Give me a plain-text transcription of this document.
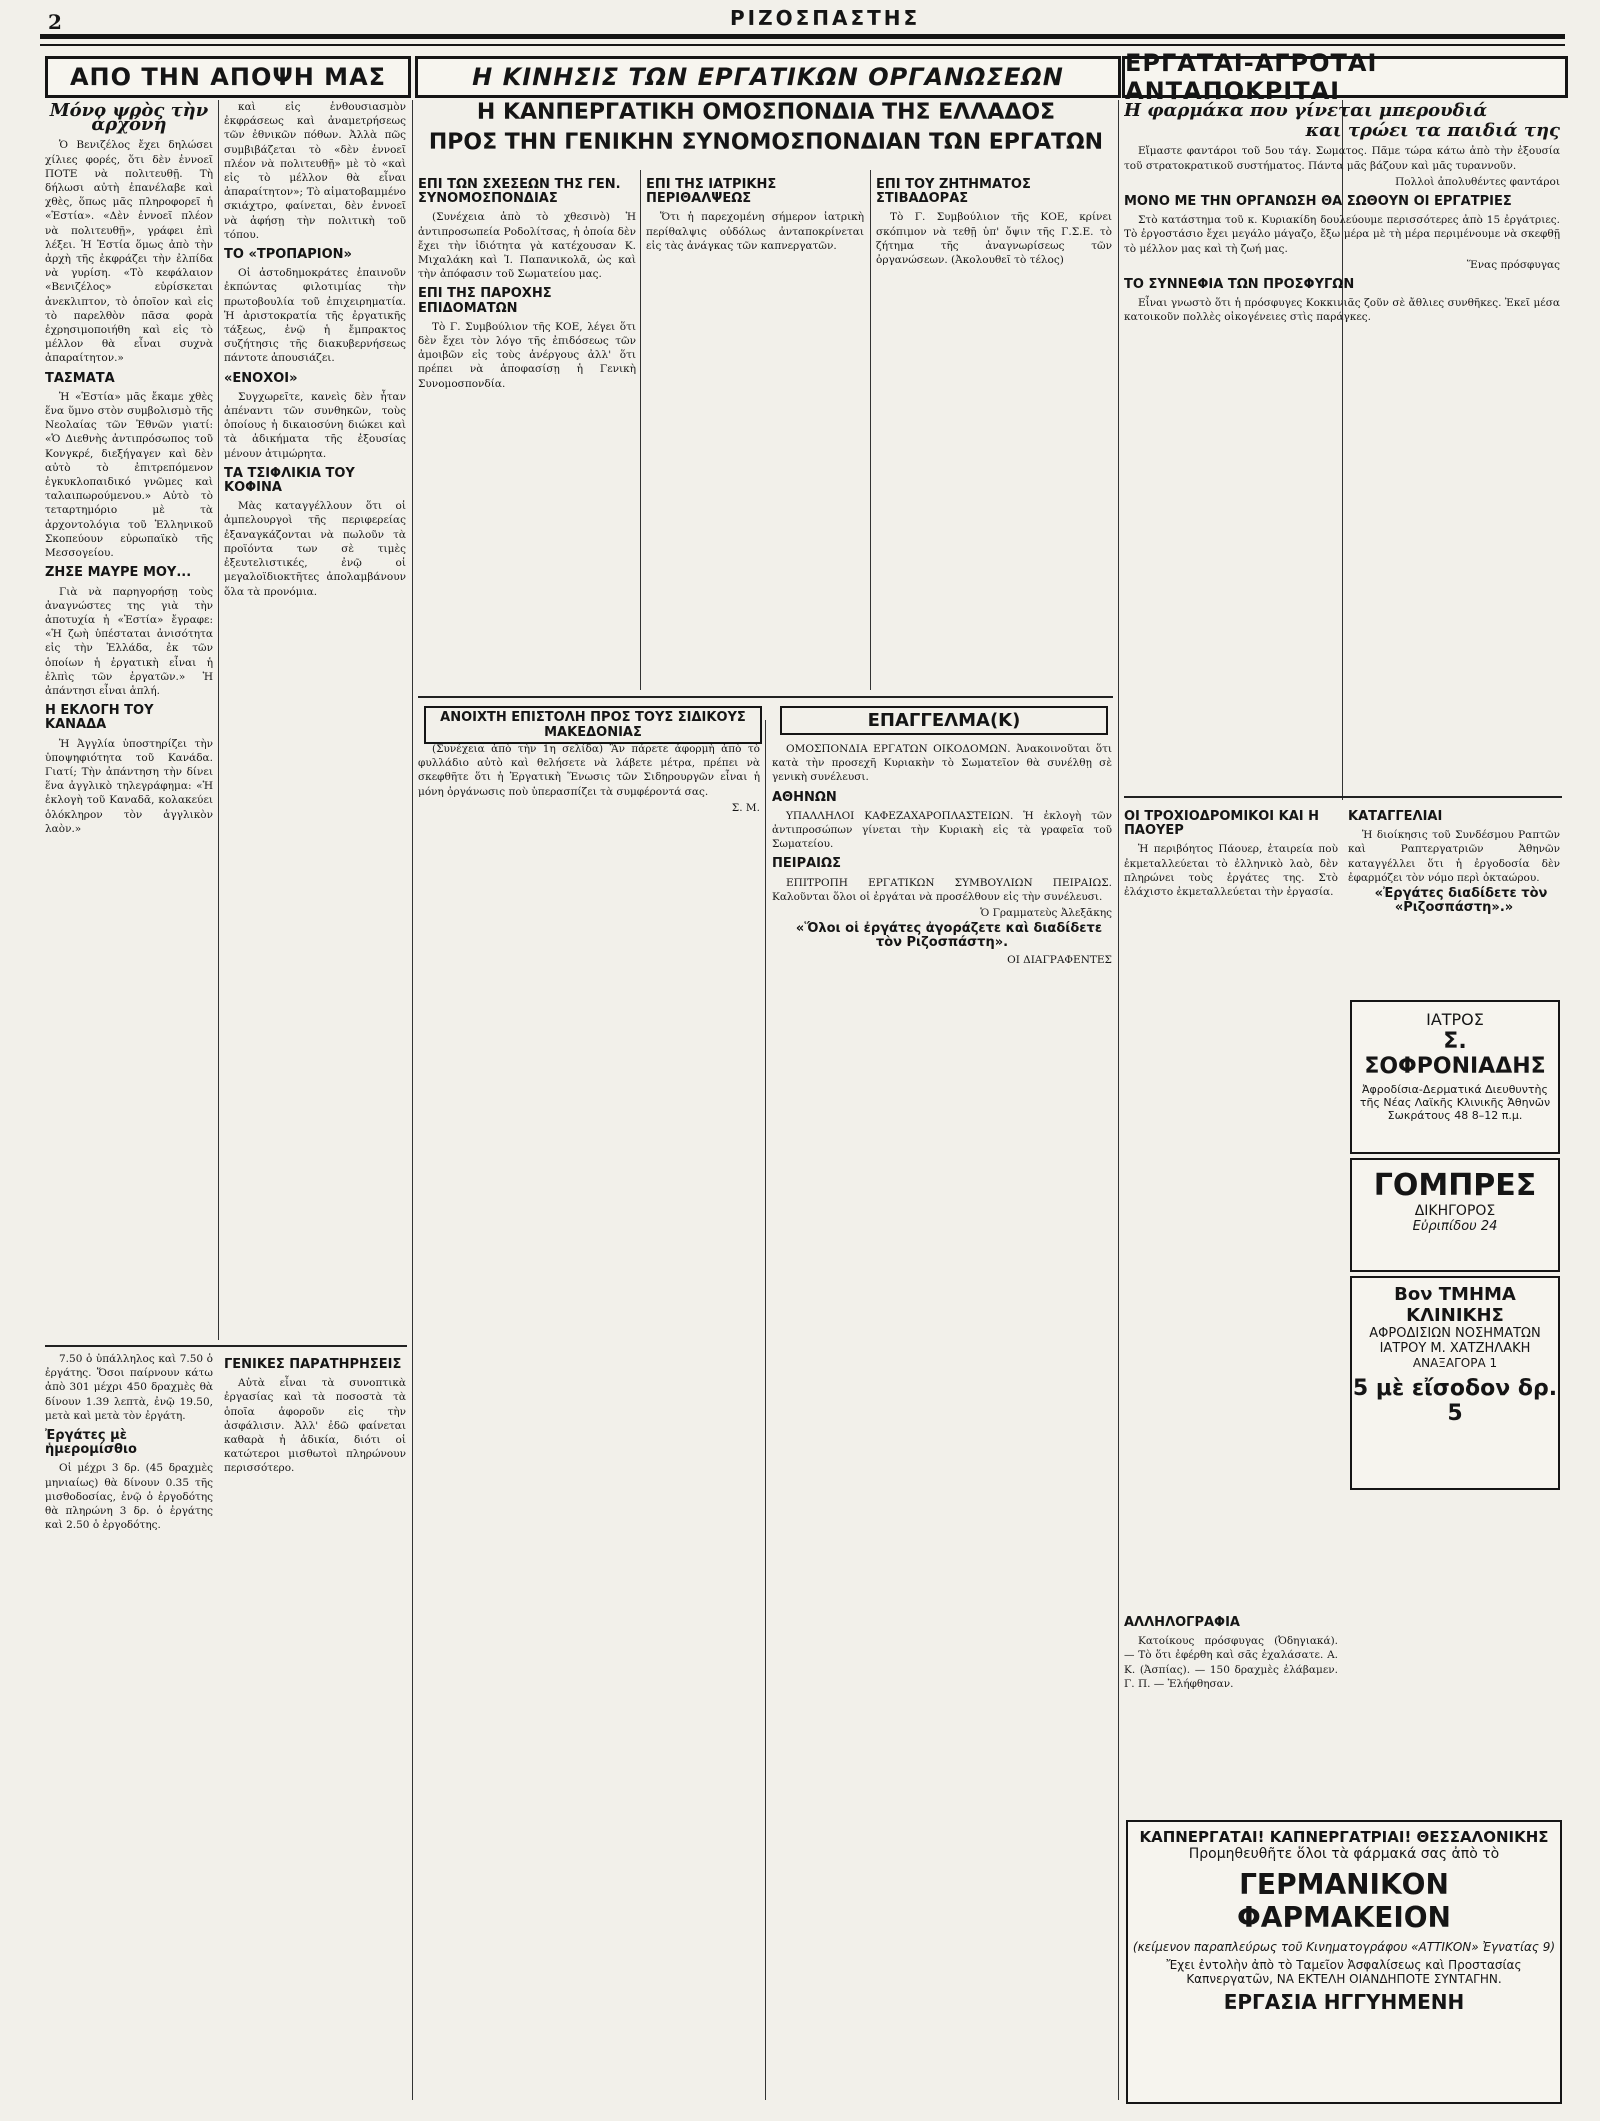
2	ΡΙΖΟΣΠΑΣΤΗΣ
ΑΠΟ ΤΗΝ ΑΠΟΨΗ ΜΑΣ	Η ΚΙΝΗΣΙΣ ΤΩΝ ΕΡΓΑΤΙΚΩΝ ΟΡΓΑΝΩΣΕΩΝ	ΕΡΓΑΤΑΙ-ΑΓΡΟΤΑΙ ΑΝΤΑΠΟΚΡΙΤΑΙ
Μόνο ψρὸς τὴν ἀρχόνη

Ὁ Βενιζέλος ἔχει δηλώσει χίλιες φορές, ὅτι δὲν ἐννοεῖ ΠΟΤΕ νὰ πολιτευθῇ. Τὴ δήλωσι αὐτὴ ἐπανέλαβε καὶ χθὲς, ὅπως μᾶς πληροφορεῖ ἡ «Ἑστία». «Δὲν ἐννοεῖ πλέον νὰ πολιτευθῇ», γράφει ἐπὶ λέξει. Ἡ Ἑστία ὅμως ἀπὸ τὴν ἀρχὴ τῆς ἐκφράζει τὴν ἐλπίδα νὰ γυρίση. «Τὸ κεφάλαιον «Βενιζέλος» εὑρίσκεται ἀνεκλιπτον, τὸ ὁποῖον καὶ εἰς τὸ παρελθὸν πᾶσα φορὰ ἐχρησιμοποιήθη καὶ εἰς τὸ μέλλον θὰ εἶναι συχνὰ ἀπαραίτητον.»

ΤΑΣΜΑΤΑ

Ἡ «Ἑστία» μᾶς ἔκαμε χθὲς ἕνα ὕμνο στὸν συμβολισμὸ τῆς Νεολαίας τῶν Ἐθνῶν γιατί: «Ὁ Διεθνὴς ἀντιπρόσωπος τοῦ Κονγκρέ, διεξήγαγεν καὶ δὲν αὐτὸ τὸ ἐπιτρεπόμενον ἐγκυκλοπαιδικό γνῶμες καὶ ταλαιπωρούμενου.» Αὐτὸ τὸ τεταρτημόριο μὲ τὰ ἀρχοντολόγια τοῦ Ἑλληνικοῦ Σκοπεύουν εὐρωπαϊκὸ τῆς Μεσσογείου.

ΖΗΣΕ ΜΑΥΡΕ ΜΟΥ...

Γιὰ νὰ παρηγορήσῃ τοὺς ἀναγνώστες της γιὰ τὴν ἀποτυχία ἡ «Ἑστία» ἔγραφε: «Ἡ ζωὴ ὑπέσταται ἀνισότητα εἰς τὴν Ἑλλάδα, ἐκ τῶν ὁποίων ἡ ἐργατικὴ εἶναι ἡ ἐλπὶς τῶν ἐργατῶν.» Ἡ ἀπάντησι εἶναι ἁπλή.

Η ΕΚΛΟΓΗ ΤΟΥ ΚΑΝΑΔΑ

Ἡ Ἀγγλία ὑποστηρίζει τὴν ὑποψηφιότητα τοῦ Κανάδα. Γιατί; Τὴν ἀπάντηση τὴν δίνει ἕνα ἀγγλικὸ τηλεγράφημα: «Ἡ ἐκλογὴ τοῦ Καναδᾶ, κολακεύει ὁλόκληρον τὸν ἀγγλικὸν λαὸν.»

καὶ εἰς ἐνθουσιασμὸν ἐκφράσεως καὶ ἀναμετρήσεως τῶν ἐθνικῶν πόθων. Ἀλλὰ πῶς συμβιβάζεται τὸ «δὲν ἐννοεῖ πλέον νὰ πολιτευθῇ» μὲ τὸ «καὶ εἰς τὸ μέλλον θὰ εἶναι ἀπαραίτητον»; Τὸ αἰματοβαμμένο σκιάχτρο, φαίνεται, δὲν ἐννοεῖ νὰ ἀφήσῃ τὴν πολιτικὴ τοῦ τόπου.

ΤΟ «ΤΡΟΠΑΡΙΟΝ»

Οἱ ἀστοδημοκράτες ἐπαινοῦν ἐκπώντας φιλοτιμίας τὴν πρωτοβουλία τοῦ ἐπιχειρηματία. Ἡ ἀριστοκρατία τῆς ἐργατικῆς τάξεως, ἐνῷ ἡ ἔμπρακτος συζήτησις τῆς διακυβερνήσεως πάντοτε ἀπουσιάζει.

«ΕΝΟΧΟΙ»

Συγχωρεῖτε, κανεὶς δὲν ἦταν ἀπέναντι τῶν συνθηκῶν, τοὺς ὁποίους ἡ δικαιοσύνη διώκει καὶ τὰ ἀδικήματα τῆς ἐξουσίας μένουν ἀτιμώρητα.

ΤΑ ΤΣΙΦΛΙΚΙΑ ΤΟΥ ΚΟΦΙΝΑ

Μὰς καταγγέλλουν ὅτι οἱ ἀμπελουργοὶ τῆς περιφερείας ἐξαναγκάζονται νὰ πωλοῦν τὰ προϊόντα των σὲ τιμὲς ἐξευτελιστικές, ἐνῷ οἱ μεγαλοϊδιοκτῆτες ἀπολαμβάνουν ὅλα τὰ προνόμια.

7.50 ὁ ὑπάλληλος καὶ 7.50 ὁ ἐργάτης. Ὅσοι παίρνουν κάτω ἀπὸ 301 μέχρι 450 δραχμὲς θὰ δίνουν 1.39 λεπτὰ, ἐνῷ 19.50, μετὰ καὶ μετὰ τὸν ἐργάτη.

Ἐργάτες μὲ ἡμερομίσθιο

Οἱ μέχρι 3 δρ. (45 δραχμὲς μηνιαίως) θὰ δίνουν 0.35 τῆς μισθοδοσίας, ἐνῷ ὁ ἐργοδότης θὰ πληρώνη 3 δρ. ὁ ἐργάτης καὶ 2.50 ὁ ἐργοδότης.

ΓΕΝΙΚΕΣ ΠΑΡΑΤΗΡΗΣΕΙΣ

Αὐτὰ εἶναι τὰ συνοπτικὰ ἐργασίας καὶ τὰ ποσοστὰ τὰ ὁποῖα ἀφοροῦν εἰς τὴν ἀσφάλισιν. Ἀλλ' ἐδῶ φαίνεται καθαρὰ ἡ ἀδικία, διότι οἱ κατώτεροι μισθωτοὶ πληρώνουν περισσότερο.

Η ΚΑΝΠΕΡΓΑΤΙΚΗ ΟΜΟΣΠΟΝΔΙΑ ΤΗΣ ΕΛΛΑΔΟΣ
ΠΡΟΣ ΤΗΝ ΓΕΝΙΚΗΝ ΣΥΝΟΜΟΣΠΟΝΔΙΑΝ ΤΩΝ ΕΡΓΑΤΩΝ
ΕΠΙ ΤΩΝ ΣΧΕΣΕΩΝ ΤΗΣ ΓΕΝ. ΣΥΝΟΜΟΣΠΟΝΔΙΑΣ

(Συνέχεια ἀπὸ τὸ χθεσινὸ) Ἡ ἀντιπροσωπεία Ροδολίτσας, ἡ ὁποία δὲν ἔχει τὴν ἰδιότητα γὰ κατέχουσαν Κ. Μιχαλάκη καὶ Ἰ. Παπανικολᾶ, ὡς καὶ τὴν ἀπόφασιν τοῦ Σωματείου μας.

ΕΠΙ ΤΗΣ ΠΑΡΟΧΗΣ ΕΠΙΔΟΜΑΤΩΝ

Τὸ Γ. Συμβούλιον τῆς ΚΟΕ, λέγει ὅτι δὲν ἔχει τὸν λόγο τῆς ἐπιδόσεως τῶν ἀμοιβῶν εἰς τοὺς ἀνέργους ἀλλ' ὅτι πρέπει νὰ ἀποφασίσῃ ἡ Γενικὴ Συνομοσπονδία.

ΕΠΙ ΤΗΣ ΙΑΤΡΙΚΗΣ ΠΕΡΙΘΑΛΨΕΩΣ

Ὅτι ἡ παρεχομένη σήμερον ἰατρικὴ περίθαλψις οὐδόλως ἀνταποκρίνεται εἰς τὰς ἀνάγκας τῶν καπνεργατῶν.

ΕΠΙ ΤΟΥ ΖΗΤΗΜΑΤΟΣ ΣΤΙΒΑΔΟΡΑΣ

Τὸ Γ. Συμβούλιον τῆς ΚΟΕ, κρίνει σκόπιμον νὰ τεθῇ ὑπ' ὄψιν τῆς Γ.Σ.Ε. τὸ ζήτημα τῆς ἀναγνωρίσεως τῶν ὀργανώσεων. (Ἀκολουθεῖ τὸ τέλος)

ΑΝΟΙΧΤΗ ΕΠΙΣΤΟΛΗ ΠΡΟΣ ΤΟΥΣ ΣΙΔΙΚΟΥΣ ΜΑΚΕΔΟΝΙΑΣ

(Συνέχεια ἀπὸ τὴν 1η σελίδα) Ἂν πάρετε ἀφορμὴ ἀπὸ τὸ φυλλάδιο αὐτὸ καὶ θελήσετε νὰ λάβετε μέτρα, πρέπει νὰ σκεφθῆτε ὅτι ἡ Ἑργατικὴ Ἕνωσις τῶν Σιδηρουργῶν εἶναι ἡ μόνη ὀργάνωσις ποὺ ὑπερασπίζει τὰ συμφέροντά σας.

Σ. Μ.

ΕΠΑΓΓΕΛΜΑ(Κ)

ΟΜΟΣΠΟΝΔΙΑ ΕΡΓΑΤΩΝ ΟΙΚΟΔΟΜΩΝ. Ἀνακοινοῦται ὅτι κατὰ τὴν προσεχῆ Κυριακὴν τὸ Σωματεῖον θὰ συνέλθῃ σὲ γενικὴ συνέλευσι.

ΑΘΗΝΩΝ

ΥΠΑΛΛΗΛΟΙ ΚΑΦΕΖΑΧΑΡΟΠΛΑΣΤΕΙΩΝ. Ἡ ἐκλογὴ τῶν ἀντιπροσώπων γίνεται τὴν Κυριακὴ εἰς τὰ γραφεῖα τοῦ Σωματείου.

ΠΕΙΡΑΙΩΣ

ΕΠΙΤΡΟΠΗ ΕΡΓΑΤΙΚΩΝ ΣΥΜΒΟΥΛΙΩΝ ΠΕΙΡΑΙΩΣ. Καλοῦνται ὅλοι οἱ ἐργάται νὰ προσέλθουν εἰς τὴν συνέλευσι.

Ὁ Γραμματεὺς Ἀλεξᾶκης

«Ὅλοι οἱ ἐργάτες ἀγοράζετε καὶ διαδίδετε τὸν Ριζοσπάστη».

ΟΙ ΔΙΑΓΡΑΦΕΝΤΕΣ

Η φαρμάκα που γίνεται μπερουδιά
και τρώει τα παιδιά της

Εἴμαστε φαντάροι τοῦ 5ου τάγ. Σωματος. Πᾶμε τώρα κάτω ἀπὸ τὴν ἐξουσία τοῦ στρατοκρατικοῦ συστήματος. Πάντα μᾶς βάζουν καὶ μᾶς τυραννοῦν.

Πολλοὶ ἀπολυθέντες φαντάροι

ΜΟΝΟ ΜΕ ΤΗΝ ΟΡΓΑΝΩΣΗ ΘΑ ΣΩΘΟΥΝ ΟΙ ΕΡΓΑΤΡΙΕΣ

Στὸ κατάστημα τοῦ κ. Κυριακίδη δουλεύουμε περισσότερες ἀπὸ 15 ἐργάτριες. Τὸ ἐργοστάσιο ἔχει μεγάλο μάγαζο, ἔξω μέρα μὲ τὴ μέρα περιμένουμε νὰ σκεφθῇ τὸ μέλλον μας καὶ τὴ ζωή μας.

Ἕνας πρόσφυγας

ΤΟ ΣΥΝΝΕΦΙΑ ΤΩΝ ΠΡΟΣΦΥΓΩΝ

Εἶναι γνωστὸ ὅτι ἡ πρόσφυγες Κοκκινιᾶς ζοῦν σὲ ἄθλιες συνθῆκες. Ἐκεῖ μέσα κατοικοῦν πολλὲς οἰκογένειες στὶς παράγκες.

ΟΙ ΤΡΟΧΙΟΔΡΟΜΙΚΟΙ ΚΑΙ Η ΠΑΟΥΕΡ

Ἡ περιβόητος Πάουερ, ἑταιρεία ποὺ ἐκμεταλλεύεται τὸ ἐλληνικὸ λαὸ, δὲν πληρώνει τοὺς ἐργάτες της. Στὸ ἐλάχιστο ἐκμεταλλεύεται τὴν ἐργασία.

ΚΑΤΑΓΓΕΛΙΑΙ

Ἡ διοίκησις τοῦ Συνδέσμου Ραπτῶν καὶ Ραπτεργατριῶν Ἀθηνῶν καταγγέλλει ὅτι ἡ ἐργοδοσία δὲν ἐφαρμόζει τὸν νόμο περὶ ὀκταώρου.

«Ἐργάτες διαδίδετε τὸν «Ριζοσπάστη».»

ΙΑΤΡΟΣ
Σ. ΣΟΦΡΟΝΙΑΔΗΣ
Ἀφροδίσια-Δερματικά Διευθυντὴς τῆς Νέας Λαϊκῆς Κλινικῆς Ἀθηνῶν Σωκράτους 48 8–12 π.μ.
ΓΟΜΠΡΕΣ
ΔΙΚΗΓΟΡΟΣ
Εὐριπίδου 24
Bον ΤΜΗΜΑ ΚΛΙΝΙΚΗΣ
ΑΦΡΟΔΙΣΙΩΝ ΝΟΣΗΜΑΤΩΝ
ΙΑΤΡΟΥ Μ. ΧΑΤΖΗΛΑΚΗ
ΑΝΑΞΑΓΟΡΑ 1
5 μὲ εἴσοδον δρ. 5
ΑΛΛΗΛΟΓΡΑΦΙΑ

Κατοίκους πρόσφυγας (Ὀδηγιακά). — Τὸ ὅτι ἐφέρθη καὶ σᾶς ἐχαλάσατε. Α. Κ. (Ἀσπίας). — 150 δραχμὲς ἐλάβαμεν. Γ. Π. — Ἐλήφθησαν.

ΚΑΠΝΕΡΓΑΤΑΙ! ΚΑΠΝΕΡΓΑΤΡΙΑΙ! ΘΕΣΣΑΛΟΝΙΚΗΣ
Προμηθευθῆτε ὅλοι τὰ φάρμακά σας ἀπὸ τὸ
ΓΕΡΜΑΝΙΚΟΝ ΦΑΡΜΑΚΕΙΟΝ
(κείμενον παραπλεύρως τοῦ Κινηματογράφου «ΑΤΤΙΚΟΝ» Ἐγνατίας 9)
Ἔχει ἐντολὴν ἀπὸ τὸ Ταμεῖον Ἀσφαλίσεως καὶ Προστασίας Καπνεργατῶν, ΝΑ ΕΚΤΕΛΗ ΟΙΑΝΔΗΠΟΤΕ ΣΥΝΤΑΓΗΝ.
ΕΡΓΑΣΙΑ ΗΓΓΥΗΜΕΝΗ
